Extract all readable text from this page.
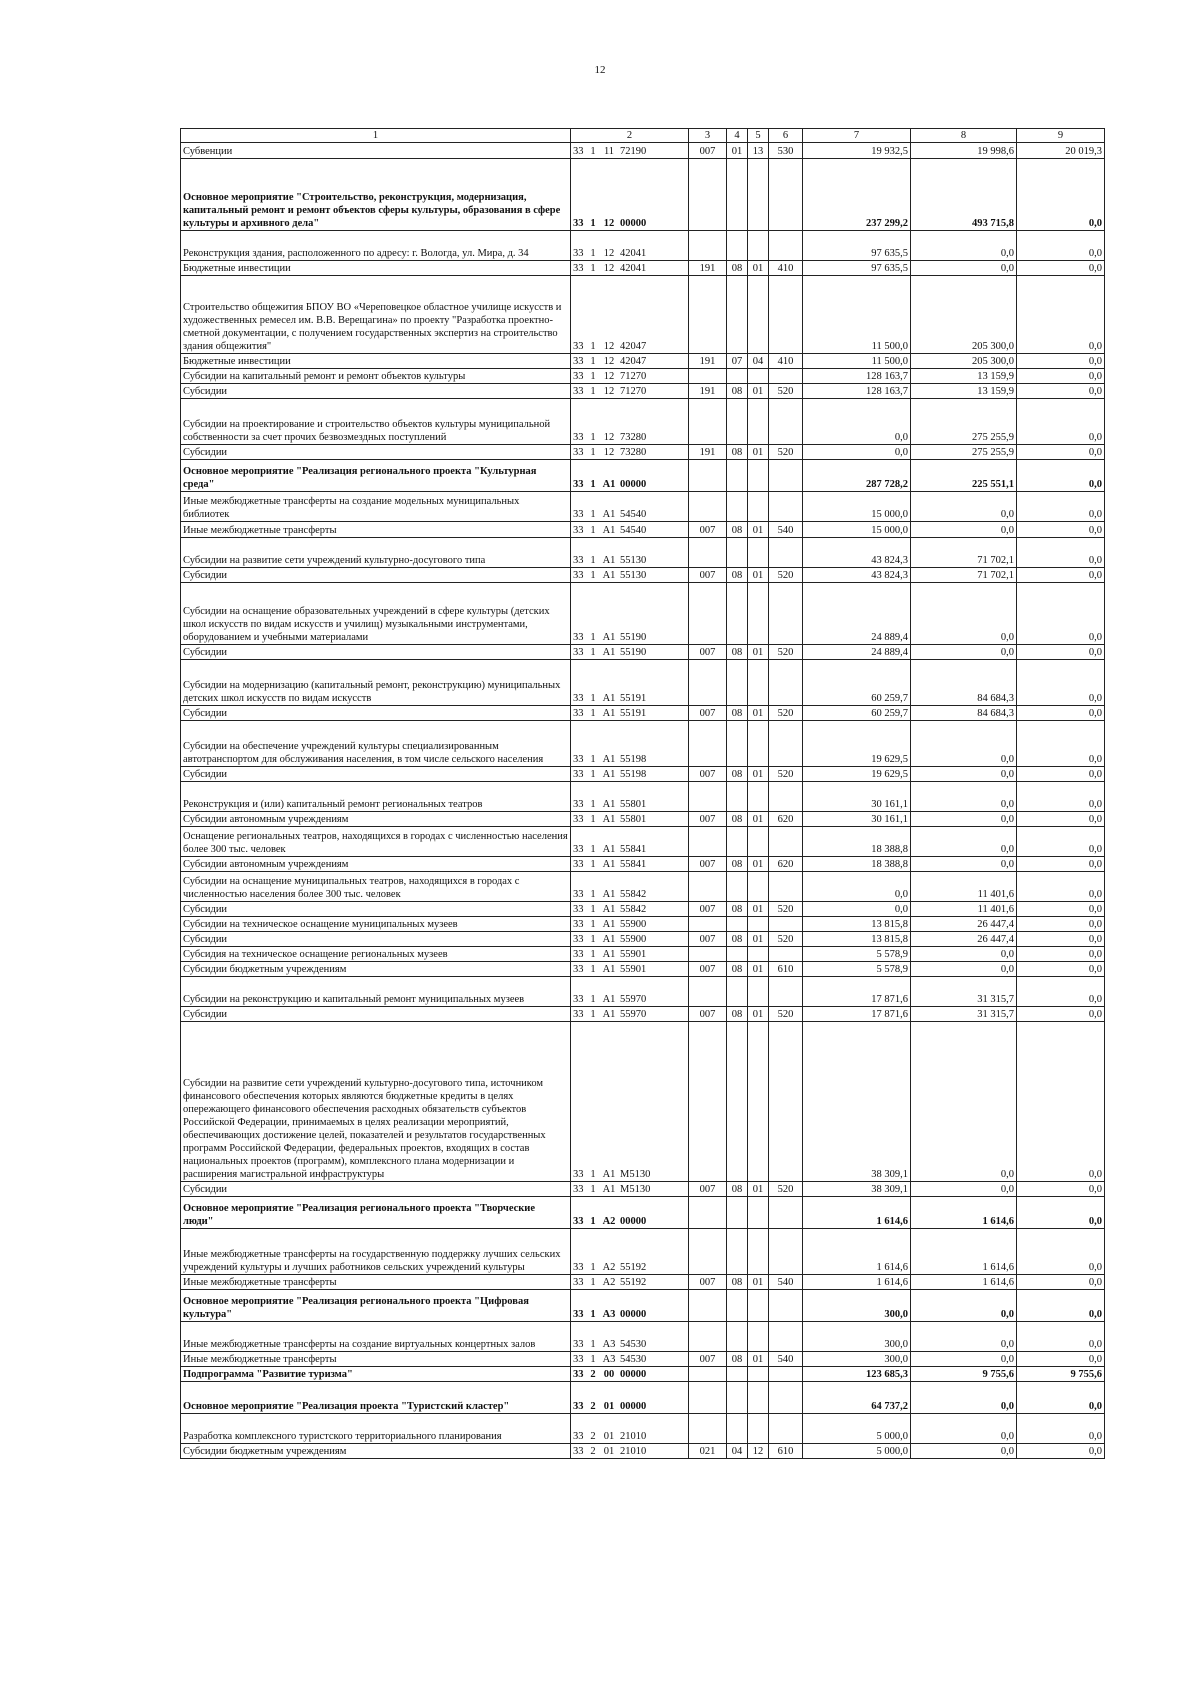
12
1	2	3	4	5	6	7	8	9
Субвенции	33 1 11 72190	007	01	13	530	19 932,5	19 998,6	20 019,3
Основное мероприятие "Строительство, реконструкция, модернизация, капитальный ремонт и ремонт объектов сферы культуры, образования в сфере культуры и архивного дела"	33 1 12 00000					237 299,2	493 715,8	0,0
Реконструкция здания, расположенного по адресу: г. Вологда, ул. Мира, д. 34	33 1 12 42041					97 635,5	0,0	0,0
Бюджетные инвестиции	33 1 12 42041	191	08	01	410	97 635,5	0,0	0,0
Строительство общежития БПОУ ВО «Череповецкое областное училище искусств и художественных ремесел им. В.В. Верещагина» по проекту "Разработка проектно-сметной документации, с получением государственных экспертиз на строительство здания общежития"	33 1 12 42047					11 500,0	205 300,0	0,0
Бюджетные инвестиции	33 1 12 42047	191	07	04	410	11 500,0	205 300,0	0,0
Субсидии на капитальный ремонт и ремонт объектов культуры	33 1 12 71270					128 163,7	13 159,9	0,0
Субсидии	33 1 12 71270	191	08	01	520	128 163,7	13 159,9	0,0
Субсидии на проектирование и строительство объектов культуры муниципальной собственности за счет прочих безвозмездных поступлений	33 1 12 73280					0,0	275 255,9	0,0
Субсидии	33 1 12 73280	191	08	01	520	0,0	275 255,9	0,0
Основное мероприятие "Реализация регионального проекта "Культурная среда"	33 1 A1 00000					287 728,2	225 551,1	0,0
Иные межбюджетные трансферты на создание модельных муниципальных библиотек	33 1 A1 54540					15 000,0	0,0	0,0
Иные межбюджетные трансферты	33 1 A1 54540	007	08	01	540	15 000,0	0,0	0,0
Субсидии на развитие сети учреждений культурно-досугового типа	33 1 A1 55130					43 824,3	71 702,1	0,0
Субсидии	33 1 A1 55130	007	08	01	520	43 824,3	71 702,1	0,0
Субсидии на оснащение образовательных учреждений в сфере культуры (детских школ искусств по видам искусств и училищ) музыкальными инструментами, оборудованием и учебными материалами	33 1 A1 55190					24 889,4	0,0	0,0
Субсидии	33 1 A1 55190	007	08	01	520	24 889,4	0,0	0,0
Субсидии на модернизацию (капитальный ремонт, реконструкцию) муниципальных детских школ искусств по видам искусств	33 1 A1 55191					60 259,7	84 684,3	0,0
Субсидии	33 1 A1 55191	007	08	01	520	60 259,7	84 684,3	0,0
Субсидии на обеспечение учреждений культуры специализированным автотранспортом для обслуживания населения, в том числе сельского населения	33 1 A1 55198					19 629,5	0,0	0,0
Субсидии	33 1 A1 55198	007	08	01	520	19 629,5	0,0	0,0
Реконструкция и (или) капитальный ремонт региональных театров	33 1 A1 55801					30 161,1	0,0	0,0
Субсидии автономным учреждениям	33 1 A1 55801	007	08	01	620	30 161,1	0,0	0,0
Оснащение региональных театров, находящихся в городах с численностью населения более 300 тыс. человек	33 1 A1 55841					18 388,8	0,0	0,0
Субсидии автономным учреждениям	33 1 A1 55841	007	08	01	620	18 388,8	0,0	0,0
Субсидии на оснащение муниципальных театров, находящихся в городах с численностью населения более 300 тыс. человек	33 1 A1 55842					0,0	11 401,6	0,0
Субсидии	33 1 A1 55842	007	08	01	520	0,0	11 401,6	0,0
Субсидии на техническое оснащение муниципальных музеев	33 1 A1 55900					13 815,8	26 447,4	0,0
Субсидии	33 1 A1 55900	007	08	01	520	13 815,8	26 447,4	0,0
Субсидия на техническое оснащение региональных музеев	33 1 A1 55901					5 578,9	0,0	0,0
Субсидии бюджетным учреждениям	33 1 A1 55901	007	08	01	610	5 578,9	0,0	0,0
Субсидии на реконструкцию и капитальный ремонт муниципальных музеев	33 1 A1 55970					17 871,6	31 315,7	0,0
Субсидии	33 1 A1 55970	007	08	01	520	17 871,6	31 315,7	0,0
Субсидии на развитие сети учреждений культурно-досугового типа, источником финансового обеспечения которых являются бюджетные кредиты в целях опережающего финансового обеспечения расходных обязательств субъектов Российской Федерации, принимаемых в целях реализации мероприятий, обеспечивающих достижение целей, показателей и результатов государственных программ Российской Федерации, федеральных проектов, входящих в состав национальных проектов (программ), комплексного плана модернизации и расширения магистральной инфраструктуры	33 1 A1 M5130					38 309,1	0,0	0,0
Субсидии	33 1 A1 M5130	007	08	01	520	38 309,1	0,0	0,0
Основное мероприятие "Реализация регионального проекта "Творческие люди"	33 1 A2 00000					1 614,6	1 614,6	0,0
Иные межбюджетные трансферты на государственную поддержку лучших сельских учреждений культуры и лучших работников сельских учреждений культуры	33 1 A2 55192					1 614,6	1 614,6	0,0
Иные межбюджетные трансферты	33 1 A2 55192	007	08	01	540	1 614,6	1 614,6	0,0
Основное мероприятие "Реализация регионального проекта "Цифровая культура"	33 1 A3 00000					300,0	0,0	0,0
Иные межбюджетные трансферты на создание виртуальных концертных залов	33 1 A3 54530					300,0	0,0	0,0
Иные межбюджетные трансферты	33 1 A3 54530	007	08	01	540	300,0	0,0	0,0
Подпрограмма "Развитие туризма"	33 2 00 00000					123 685,3	9 755,6	9 755,6
Основное мероприятие "Реализация проекта "Туристский кластер"	33 2 01 00000					64 737,2	0,0	0,0
Разработка комплексного туристского территориального планирования	33 2 01 21010					5 000,0	0,0	0,0
Субсидии бюджетным учреждениям	33 2 01 21010	021	04	12	610	5 000,0	0,0	0,0
